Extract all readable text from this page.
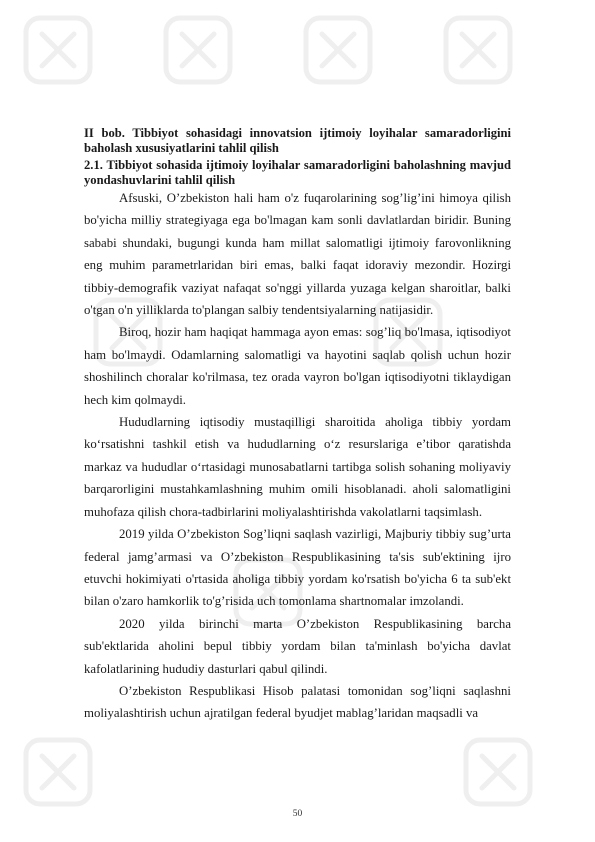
II bob. Tibbiyot sohasidagi innovatsion ijtimoiy loyihalar samaradorligini baholash xususiyatlarini tahlil qilish

2.1. Tibbiyot sohasida ijtimoiy loyihalar samaradorligini baholashning mavjud yondashuvlarini tahlil qilish

Afsuski, O’zbekiston hali ham o'z fuqarolarining sog’lig’ini himoya qilish bo'yicha milliy strategiyaga ega bo'lmagan kam sonli davlatlardan biridir. Buning sababi shundaki, bugungi kunda ham millat salomatligi ijtimoiy farovonlikning eng muhim parametrlaridan biri emas, balki faqat idoraviy mezondir. Hozirgi tibbiy-demografik vaziyat nafaqat so'nggi yillarda yuzaga kelgan sharoitlar, balki o'tgan o'n yilliklarda to'plangan salbiy tendentsiyalarning natijasidir.

Biroq, hozir ham haqiqat hammaga ayon emas: sog’liq bo'lmasa, iqtisodiyot ham bo'lmaydi. Odamlarning salomatligi va hayotini saqlab qolish uchun hozir shoshilinch choralar ko'rilmasa, tez orada vayron bo'lgan iqtisodiyotni tiklaydigan hech kim qolmaydi.

Hududlarning iqtisodiy mustaqilligi sharoitida aholiga tibbiy yordam ko‘rsatishni tashkil etish va hududlarning o‘z resurslariga e’tibor qaratishda markaz va hududlar o‘rtasidagi munosabatlarni tartibga solish sohaning moliyaviy barqarorligini mustahkamlashning muhim omili hisoblanadi. aholi salomatligini muhofaza qilish chora-tadbirlarini moliyalashtirishda vakolatlarni taqsimlash.

2019 yilda O’zbekiston Sog’liqni saqlash vazirligi, Majburiy tibbiy sug’urta federal jamg’armasi va O’zbekiston Respublikasining ta'sis sub'ektining ijro etuvchi hokimiyati o'rtasida aholiga tibbiy yordam ko'rsatish bo'yicha 6 ta sub'ekt bilan o'zaro hamkorlik to'g’risida uch tomonlama shartnomalar imzolandi.

2020 yilda birinchi marta O’zbekiston Respublikasining barcha sub'ektlarida aholini bepul tibbiy yordam bilan ta'minlash bo'yicha davlat kafolatlarining hududiy dasturlari qabul qilindi.

O’zbekiston Respublikasi Hisob palatasi tomonidan sog’liqni saqlashni moliyalashtirish uchun ajratilgan federal byudjet mablag’laridan maqsadli va

50
